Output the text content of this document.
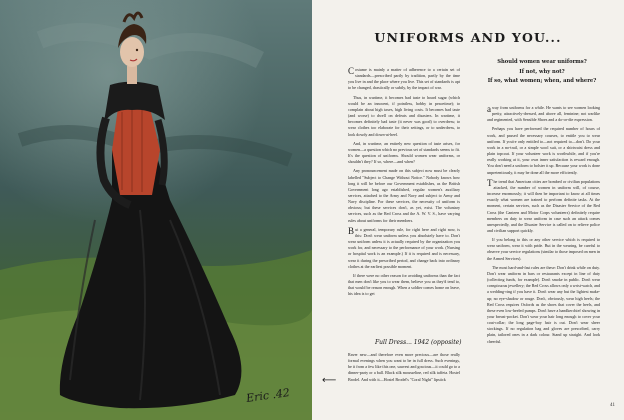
Eric .42
UNIFORMS AND YOU...
Should women wear uniforms?
If not, why not?
If so, what women; when, and where?

Costume is mainly a matter of adherence to a certain set of standards—prescribed partly by tradition, partly by the time you live in and the place where you live. This set of standards is apt to be changed, drastically or subtly, by the impact of war.

Thus, in wartime, it becomes bad taste to hoard sugar (which would be an innocent, if pointless, hobby in peacetime); to complain about high taxes, high living costs. It becomes bad taste (and worse) to dwell on defeats and disasters. In wartime, it becomes definitely bad taste (it never was good) to overdress; to wear clothes too elaborate for their settings, or to underdress, to look dowdy and down-at-heel.

And, in wartime, an entirely new question of taste arises, for women—a question which no previous set of standards seems to fit. It's the question of uniforms. Should women wear uniforms, or shouldn't they? If so, where—and when?

Any pronouncement made on this subject now must be clearly labelled "Subject to Change Without Notice." Nobody knows how long it will be before our Government establishes, as the British Government long ago established, regular women's auxiliary services, attached to the Army and Navy and subject to Army and Navy discipline. For these services, the necessity of uniform is obvious; but these services don't, as yet, exist. The voluntary services, such as the Red Cross and the A. W. V. S., have varying rules about uniforms for their members.

But a general, temporary rule, for right here and right now, is this: Don't wear uniform unless you absolutely have to. Don't wear uniform unless it is actually required by the organization you work for, and necessary to the performance of your work. (Nursing or hospital work is an example.) If it is required and is necessary, wear it during the prescribed period, and change back into ordinary clothes at the earliest possible moment.

If there were no other reason for avoiding uniforms than the fact that men don't like you to wear them, believe you us they'd tend to, that would be reason enough. When a soldier comes home on leave, his idea is to get

Full Dress... 1942 (opposite)
Raver new—and therefore even more precious—are those really formal evenings when you want to be in full dress. Such evenings, be it from a few like this one, sauvest and gracious—it could go to a dinner-party or a ball. Black silk mousseline, red silk taffeta. Hostel Brodel. And with it—Hostel Brodel's "Coral Night" lipstick
⟵

away from uniforms for a while. He wants to see women looking pretty, attractively-dressed, and above all, feminine; not warlike and regimented, with Sensible Shoes and a do-or-die expression.

Perhaps you have performed the required number of hours of work, and passed the necessary courses, to entitle you to wear uniform. If you're only entitled to—not required to—don't. Do your work in a no-trail, or a simple wool suit, or a shirtwaist dress and plain topcoat. If your volunteer work is worthwhile, and if you're really working at it, your own inner satisfaction is reward enough. You don't need a uniform to bolster it up. Because your work is done unpretentiously, it may be done all the more efficiently.

The trend that American cities are bombed or civilian populations attacked, the number of women in uniform will, of course, increase enormously; it will then be important to know at all times exactly what women are trained to perform definite tasks. At the moment, certain services, such as the Disaster Service of the Red Cross (the Canteen and Motor Corps volunteers) definitely require members on duty to wear uniform in case such an attack comes unexpectedly, and the Disaster Service is called on to relieve police and civilian support quickly.

If you belong to this or any other service which is required to wear uniform, wear it with pride. But in the wearing, be careful to observe your service regulations (similar to those imposed on men in the Armed Services).

The most hard-and-fast rules are these: Don't drink while on duty. Don't wear uniform in bars or restaurants except in line of duty (collecting funds, for example). Don't smoke in public. Don't wear conspicuous jewellery; the Red Cross allows only a wrist-watch, and a wedding-ring if you have it. Don't wear any but the lightest make-up; no eye-shadow or rouge. Don't, obviously, wear high heels; the Red Cross requires Oxfords as the shoes that cover the heels, and these even low-heeled pumps. Don't have a handkerchief showing in your breast-pocket. Don't wear your hair long enough to cover your coat-collar; the long page-boy hair is out. Don't wear sheer stockings. If no regulation bag and gloves are prescribed, carry plain, tailored ones in a dark colour. Stand up straight. And look cheerful.

41
